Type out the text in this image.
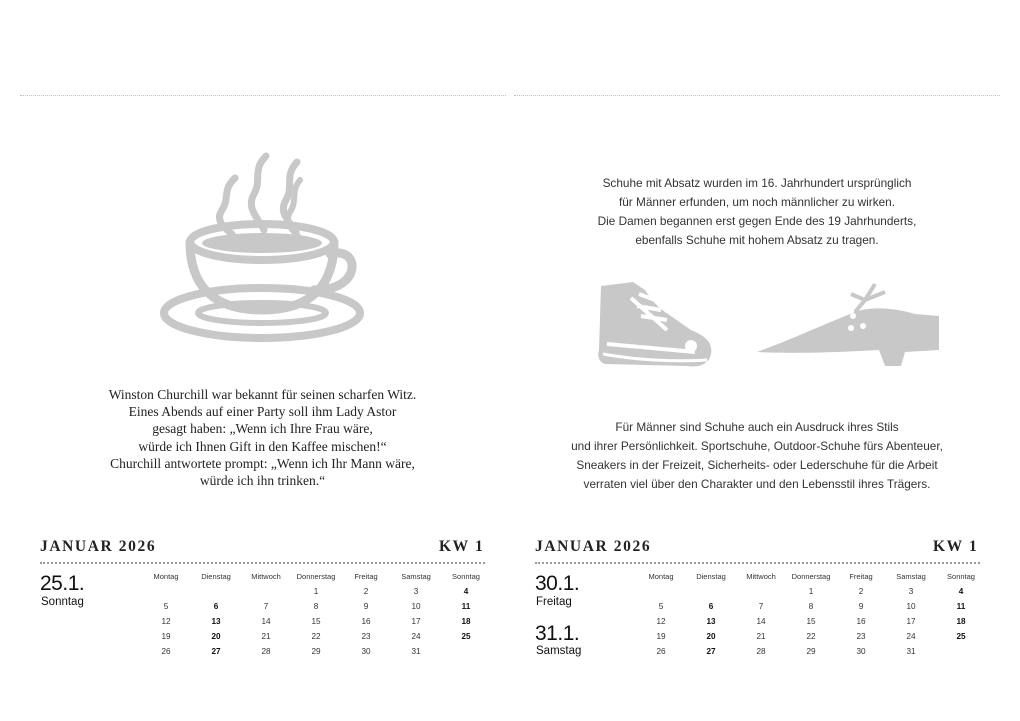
Winston Churchill war bekannt für seinen scharfen Witz.
Eines Abends auf einer Party soll ihm Lady Astor
gesagt haben: „Wenn ich Ihre Frau wäre,
würde ich Ihnen Gift in den Kaffee mischen!“
Churchill antwortete prompt: „Wenn ich Ihr Mann wäre,
würde ich ihn trinken.“
JANUAR 2026	KW 1
25.1.
Sonntag
Montag	Dienstag	Mittwoch	Donnerstag	Freitag	Samstag	Sonntag
			1	2	3	4
5	6	7	8	9	10	11
12	13	14	15	16	17	18
19	20	21	22	23	24	25
26	27	28	29	30	31	
Schuhe mit Absatz wurden im 16. Jahrhundert ursprünglich
für Männer erfunden, um noch männlicher zu wirken.
Die Damen begannen erst gegen Ende des 19 Jahrhunderts,
ebenfalls Schuhe mit hohem Absatz zu tragen.
Für Männer sind Schuhe auch ein Ausdruck ihres Stils
und ihrer Persönlichkeit. Sportschuhe, Outdoor-Schuhe fürs Abenteuer,
Sneakers in der Freizeit, Sicherheits- oder Lederschuhe für die Arbeit
verraten viel über den Charakter und den Lebensstil ihres Trägers.
JANUAR 2026	KW 1
30.1.
Freitag
31.1.
Samstag
Montag	Dienstag	Mittwoch	Donnerstag	Freitag	Samstag	Sonntag
			1	2	3	4
5	6	7	8	9	10	11
12	13	14	15	16	17	18
19	20	21	22	23	24	25
26	27	28	29	30	31	
